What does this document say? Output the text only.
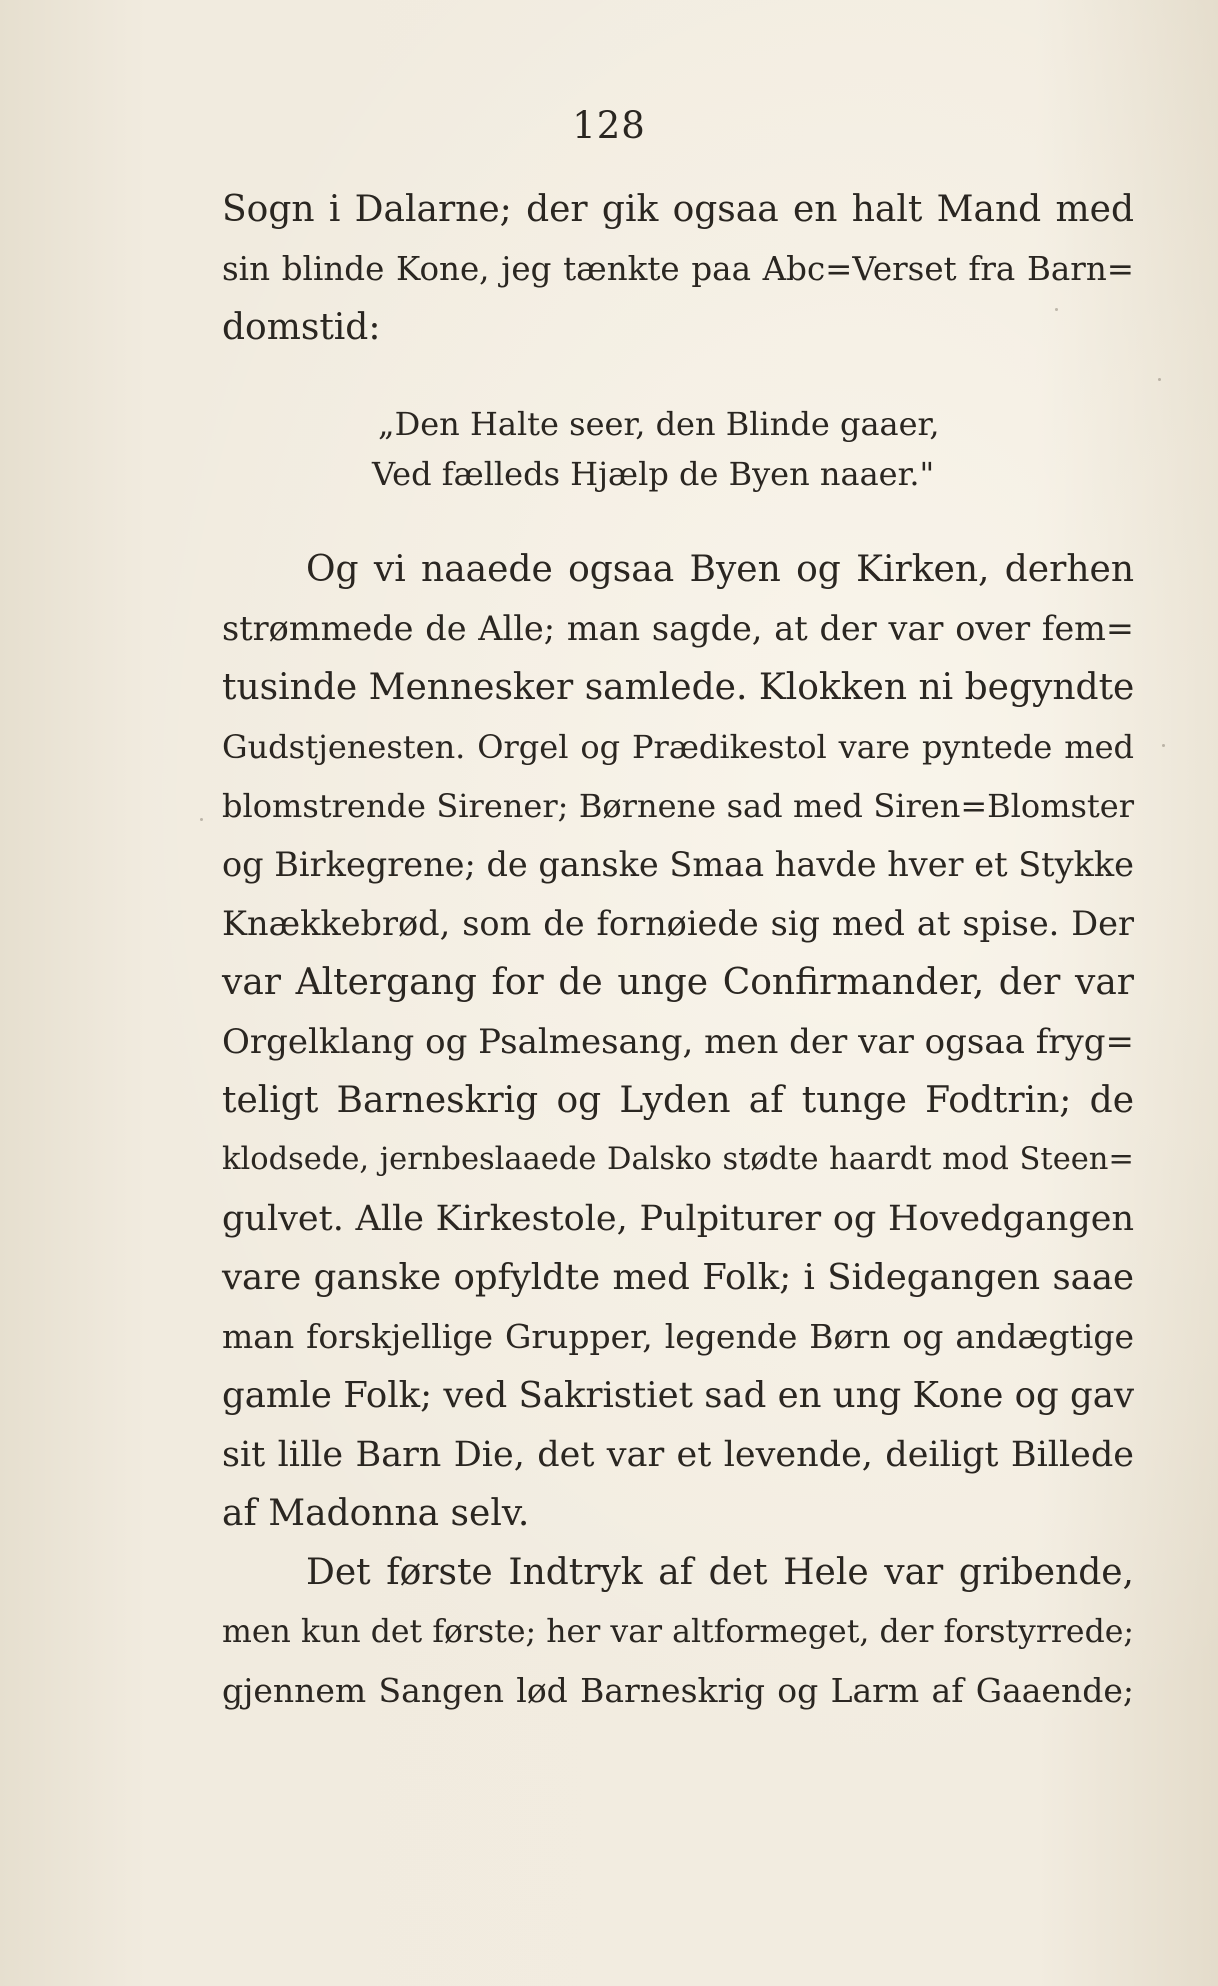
128
Sogn i Dalarne; der gik ogsaa en halt Mand med
sin blinde Kone, jeg tænkte paa Abc=Verset fra Barn=
domstid:
„Den Halte seer, den Blinde gaaer,
Ved fælleds Hjælp de Byen naaer."
Og vi naaede ogsaa Byen og Kirken, derhen
strømmede de Alle; man sagde, at der var over fem=
tusinde Mennesker samlede. Klokken ni begyndte
Gudstjenesten. Orgel og Prædikestol vare pyntede med
blomstrende Sirener; Børnene sad med Siren=Blomster
og Birkegrene; de ganske Smaa havde hver et Stykke
Knækkebrød, som de fornøiede sig med at spise. Der
var Altergang for de unge Confirmander, der var
Orgelklang og Psalmesang, men der var ogsaa fryg=
teligt Barneskrig og Lyden af tunge Fodtrin; de
klodsede, jernbeslaaede Dalsko stødte haardt mod Steen=
gulvet. Alle Kirkestole, Pulpiturer og Hovedgangen
vare ganske opfyldte med Folk; i Sidegangen saae
man forskjellige Grupper, legende Børn og andægtige
gamle Folk; ved Sakristiet sad en ung Kone og gav
sit lille Barn Die, det var et levende, deiligt Billede
af Madonna selv.
Det første Indtryk af det Hele var gribende,
men kun det første; her var altformeget, der forstyrrede;
gjennem Sangen lød Barneskrig og Larm af Gaaende;
